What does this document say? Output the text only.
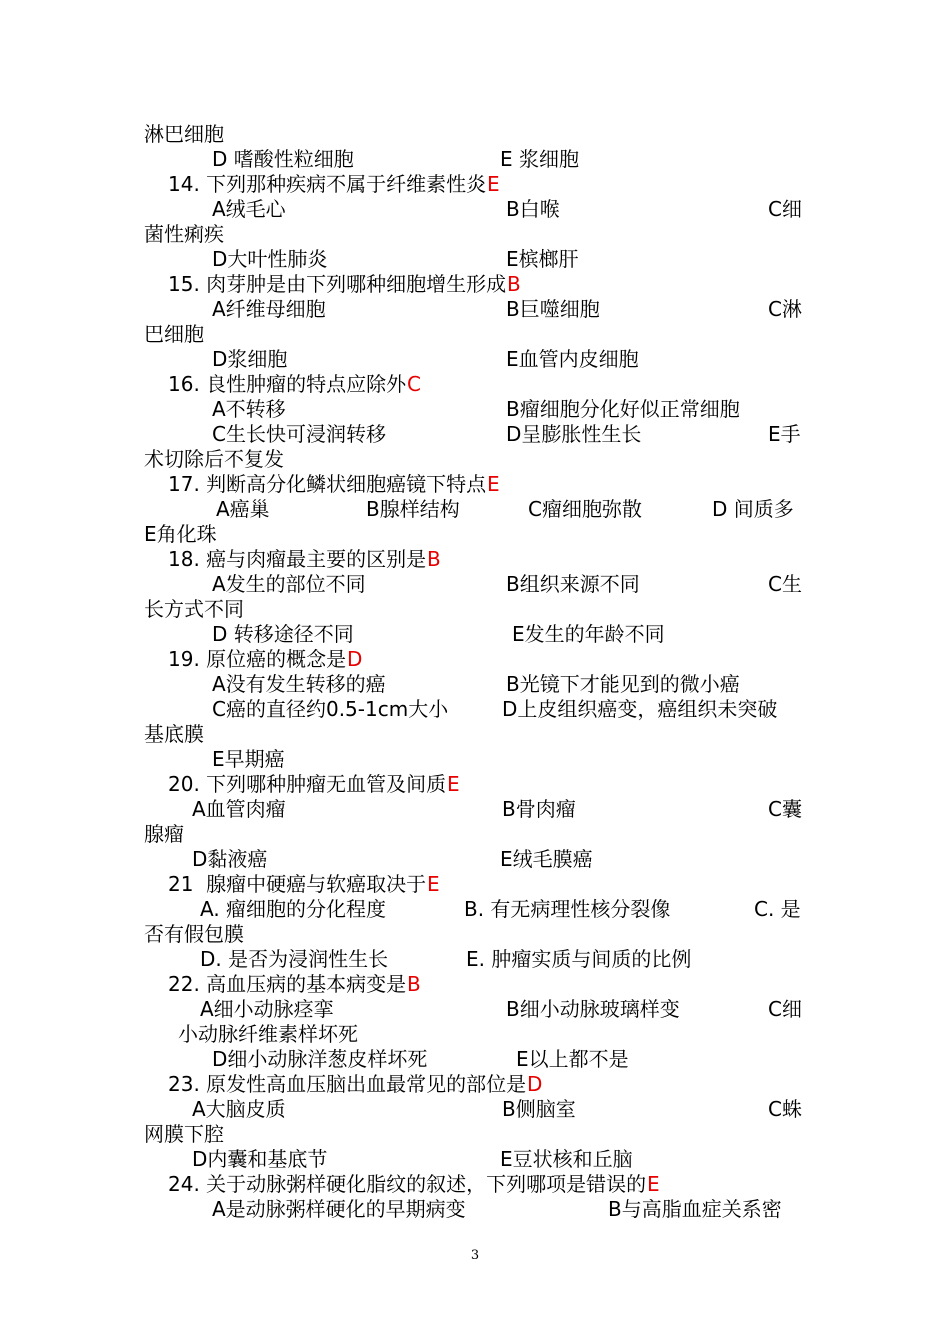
淋巴细胞
D 嗜酸性粒细胞	E 浆细胞
14. 下列那种疾病不属于纤维素性炎 E
A绒毛心	B白喉	C细
菌性痢疾
D大叶性肺炎	E槟榔肝
15. 肉芽肿是由下列哪种细胞增生形成 B
A纤维母细胞	B巨噬细胞	C淋
巴细胞
D浆细胞	E血管内皮细胞
16. 良性肿瘤的特点应除外 C
A不转移	B瘤细胞分化好似正常细胞
C生长快可浸润转移	D呈膨胀性生长	E手
术切除后不复发
17. 判断高分化鳞状细胞癌镜下特点 E
A癌巢	B腺样结构	C瘤细胞弥散	D 间质多
E角化珠
18. 癌与肉瘤最主要的区别是 B
A发生的部位不同	B组织来源不同	C生
长方式不同
D 转移途径不同	E发生的年龄不同
19. 原位癌的概念是 D
A没有发生转移的癌	B光镜下才能见到的微小癌
C癌的直径约0.5-1cm大小	D上皮组织癌变，癌组织未突破
基底膜
E早期癌
20. 下列哪种肿瘤无血管及间质 E
A血管肉瘤	B骨肉瘤	C囊
腺瘤
D黏液癌	E绒毛膜癌
21  腺瘤中硬癌与软癌取决于 E
A. 瘤细胞的分化程度	B. 有无病理性核分裂像	C. 是
否有假包膜
D. 是否为浸润性生长	E. 肿瘤实质与间质的比例
22. 高血压病的基本病变是 B
A细小动脉痉挛	B细小动脉玻璃样变	C细
小动脉纤维素样坏死
D细小动脉洋葱皮样坏死	E以上都不是
23. 原发性高血压脑出血最常见的部位是 D
A大脑皮质	B侧脑室	C蛛
网膜下腔
D内囊和基底节	E豆状核和丘脑
24. 关于动脉粥样硬化脂纹的叙述，下列哪项是错误的 E
A是动脉粥样硬化的早期病变	B与高脂血症关系密
3
